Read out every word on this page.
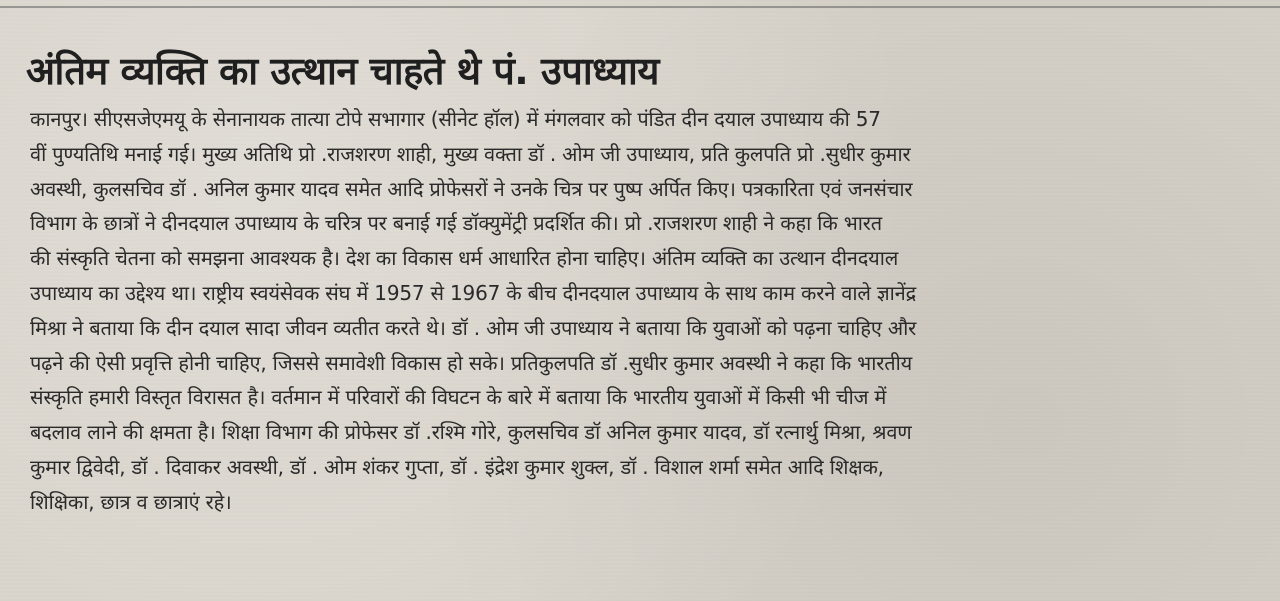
अंतिम व्यक्ति का उत्थान चाहते थे पं. उपाध्याय

कानपुर। सीएसजेएमयू के सेनानायक तात्या टोपे सभागार (सीनेट हॉल) में मंगलवार को पंडित दीन दयाल उपाध्याय की 57
वीं पुण्यतिथि मनाई गई। मुख्य अतिथि प्रो .राजशरण शाही, मुख्य वक्ता डॉ . ओम जी उपाध्याय, प्रति कुलपति प्रो .सुधीर कुमार
अवस्थी, कुलसचिव डॉ . अनिल कुमार यादव समेत आदि प्रोफेसरों ने उनके चित्र पर पुष्प अर्पित किए। पत्रकारिता एवं जनसंचार
विभाग के छात्रों ने दीनदयाल उपाध्याय के चरित्र पर बनाई गई डॉक्युमेंट्री प्रदर्शित की। प्रो .राजशरण शाही ने कहा कि भारत
की संस्कृति चेतना को समझना आवश्यक है। देश का विकास धर्म आधारित होना चाहिए। अंतिम व्यक्ति का उत्थान दीनदयाल
उपाध्याय का उद्देश्य था। राष्ट्रीय स्वयंसेवक संघ में 1957 से 1967 के बीच दीनदयाल उपाध्याय के साथ काम करने वाले ज्ञानेंद्र
मिश्रा ने बताया कि दीन दयाल सादा जीवन व्यतीत करते थे। डॉ . ओम जी उपाध्याय ने बताया कि युवाओं को पढ़ना चाहिए और
पढ़ने की ऐसी प्रवृत्ति होनी चाहिए, जिससे समावेशी विकास हो सके। प्रतिकुलपति डॉ .सुधीर कुमार अवस्थी ने कहा कि भारतीय
संस्कृति हमारी विस्तृत विरासत है। वर्तमान में परिवारों की विघटन के बारे में बताया कि भारतीय युवाओं में किसी भी चीज में
बदलाव लाने की क्षमता है। शिक्षा विभाग की प्रोफेसर डॉ .रश्मि गोरे, कुलसचिव डॉ अनिल कुमार यादव, डॉ रत्नार्थु मिश्रा, श्रवण
कुमार द्विवेदी, डॉ . दिवाकर अवस्थी, डॉ . ओम शंकर गुप्ता, डॉ . इंद्रेश कुमार शुक्ल, डॉ . विशाल शर्मा समेत आदि शिक्षक,
शिक्षिका, छात्र व छात्राएं रहे।
